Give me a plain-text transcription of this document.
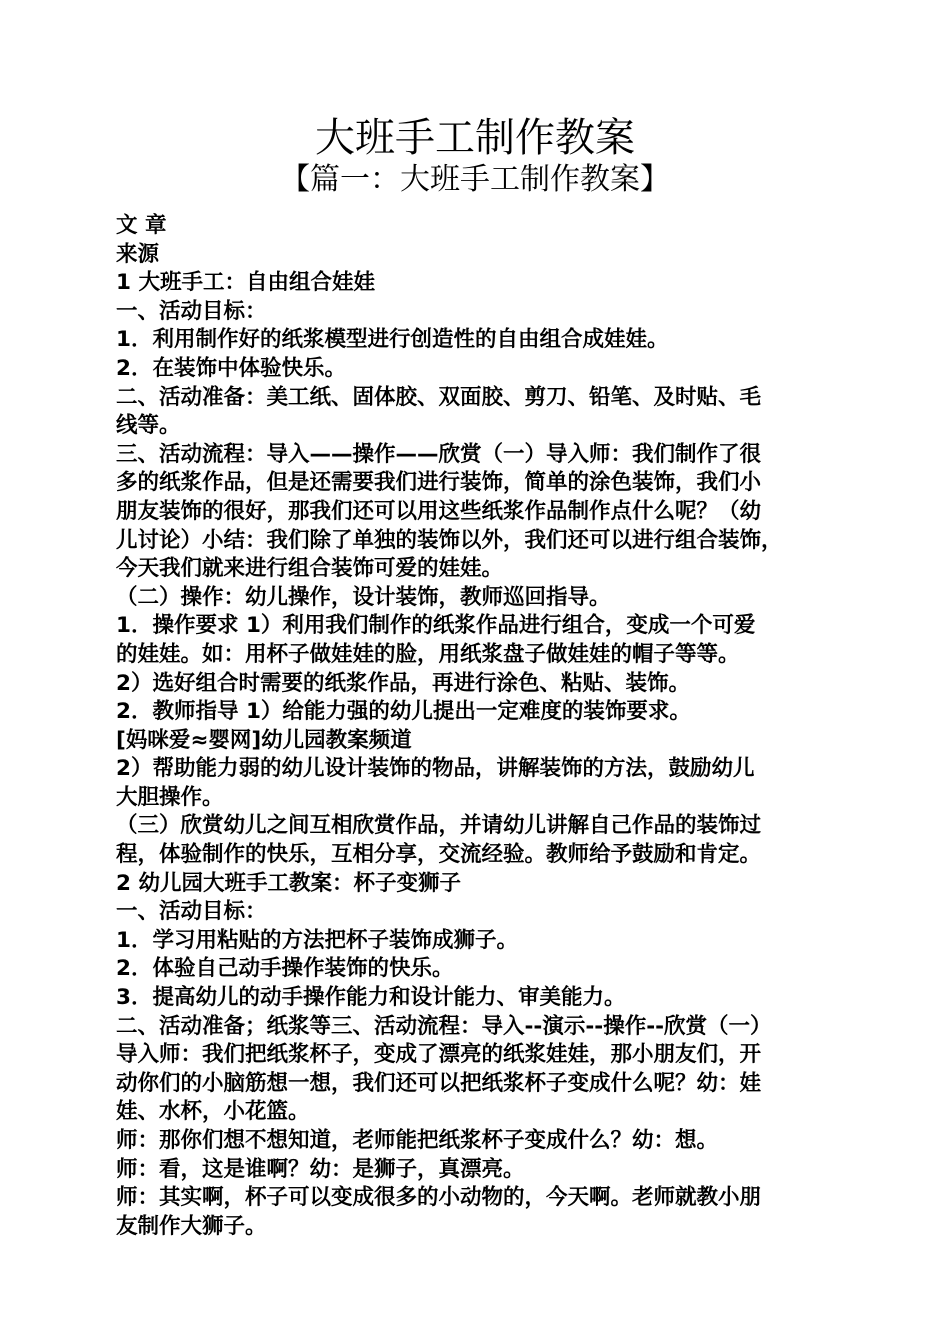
大班手工制作教案
【篇一：大班手工制作教案】
文 章
来源
1 大班手工：自由组合娃娃
一、活动目标：
1．利用制作好的纸浆模型进行创造性的自由组合成娃娃。
2．在装饰中体验快乐。
二、活动准备：美工纸、固体胶、双面胶、剪刀、铅笔、及时贴、毛
线等。
三、活动流程：导入——操作——欣赏（一）导入师：我们制作了很
多的纸浆作品，但是还需要我们进行装饰，简单的涂色装饰，我们小
朋友装饰的很好，那我们还可以用这些纸浆作品制作点什么呢？（幼
儿讨论）小结：我们除了单独的装饰以外，我们还可以进行组合装饰，
今天我们就来进行组合装饰可爱的娃娃。
（二）操作：幼儿操作，设计装饰，教师巡回指导。
1．操作要求 1）利用我们制作的纸浆作品进行组合，变成一个可爱
的娃娃。如：用杯子做娃娃的脸，用纸浆盘子做娃娃的帽子等等。
2）选好组合时需要的纸浆作品，再进行涂色、粘贴、装饰。
2．教师指导 1）给能力强的幼儿提出一定难度的装饰要求。
[妈咪爱≈婴网]幼儿园教案频道
2）帮助能力弱的幼儿设计装饰的物品，讲解装饰的方法，鼓励幼儿
大胆操作。
（三）欣赏幼儿之间互相欣赏作品，并请幼儿讲解自己作品的装饰过
程，体验制作的快乐，互相分享，交流经验。教师给予鼓励和肯定。
2 幼儿园大班手工教案：杯子变狮子
一、活动目标：
1．学习用粘贴的方法把杯子装饰成狮子。
2．体验自己动手操作装饰的快乐。
3．提高幼儿的动手操作能力和设计能力、审美能力。
二、活动准备；纸浆等三、活动流程：导入--演示--操作--欣赏（一）
导入师：我们把纸浆杯子，变成了漂亮的纸浆娃娃，那小朋友们，开
动你们的小脑筋想一想，我们还可以把纸浆杯子变成什么呢？幼：娃
娃、水杯，小花篮。
师：那你们想不想知道，老师能把纸浆杯子变成什么？幼：想。
师：看，这是谁啊？幼：是狮子，真漂亮。
师：其实啊，杯子可以变成很多的小动物的，今天啊。老师就教小朋
友制作大狮子。
